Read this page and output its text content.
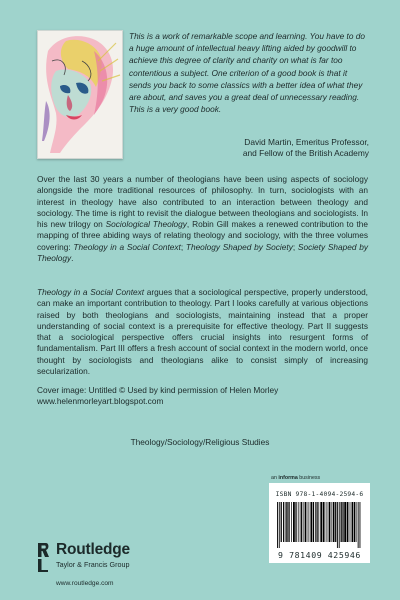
This is a work of remarkable scope and learning. You have to do a huge amount of intellectual heavy lifting aided by goodwill to achieve this degree of clarity and charity on what is far too contentious a subject. One criterion of a good book is that it sends you back to some classics with a better idea of what they are about, and saves you a great deal of unnecessary reading. This is a very good book.
David Martin, Emeritus Professor,
and Fellow of the British Academy

Over the last 30 years a number of theologians have been using aspects of sociology alongside the more traditional resources of philosophy. In turn, sociologists with an interest in theology have also contributed to an interaction between theology and sociology. The time is right to revisit the dialogue between theologians and sociologists. In his new trilogy on Sociological Theology, Robin Gill makes a renewed contribution to the mapping of three abiding ways of relating theology and sociology, with the three volumes covering: Theology in a Social Context; Theology Shaped by Society; Society Shaped by Theology.

Theology in a Social Context argues that a sociological perspective, properly understood, can make an important contribution to theology. Part I looks carefully at various objections raised by both theologians and sociologists, maintaining instead that a proper understanding of social context is a prerequisite for effective theology. Part II suggests that a sociological perspective offers crucial insights into resurgent forms of fundamentalism. Part III offers a fresh account of social context in the modern world, once thought by sociologists and theologians alike to consist simply of increasing secularization.

Cover image: Untitled © Used by kind permission of Helen Morley
www.helenmorleyart.blogspot.com
Theology/Sociology/Religious Studies
an informa business
ISBN 978-1-4094-2594-6
9 781409 425946
Routledge
Taylor & Francis Group
www.routledge.com
